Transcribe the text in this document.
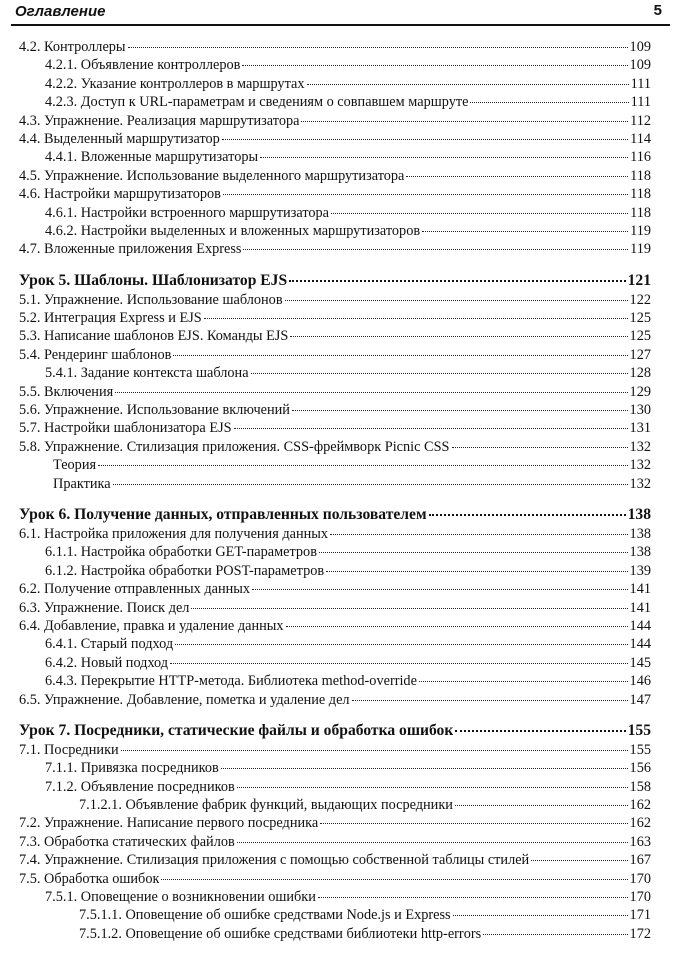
Оглавление	5
4.2. Контроллеры	109
4.2.1. Объявление контроллеров	109
4.2.2. Указание контроллеров в маршрутах	111
4.2.3. Доступ к URL-параметрам и сведениям о совпавшем маршруте	111
4.3. Упражнение. Реализация маршрутизатора	112
4.4. Выделенный маршрутизатор	114
4.4.1. Вложенные маршрутизаторы	116
4.5. Упражнение. Использование выделенного маршрутизатора	118
4.6. Настройки маршрутизаторов	118
4.6.1. Настройки встроенного маршрутизатора	118
4.6.2. Настройки выделенных и вложенных маршрутизаторов	119
4.7. Вложенные приложения Express	119
Урок 5. Шаблоны. Шаблонизатор EJS	121
5.1. Упражнение. Использование шаблонов	122
5.2. Интеграция Express и EJS	125
5.3. Написание шаблонов EJS. Команды EJS	125
5.4. Рендеринг шаблонов	127
5.4.1. Задание контекста шаблона	128
5.5. Включения	129
5.6. Упражнение. Использование включений	130
5.7. Настройки шаблонизатора EJS	131
5.8. Упражнение. Стилизация приложения. CSS-фреймворк Picnic CSS	132
Теория	132
Практика	132
Урок 6. Получение данных, отправленных пользователем	138
6.1. Настройка приложения для получения данных	138
6.1.1. Настройка обработки GET-параметров	138
6.1.2. Настройка обработки POST-параметров	139
6.2. Получение отправленных данных	141
6.3. Упражнение. Поиск дел	141
6.4. Добавление, правка и удаление данных	144
6.4.1. Старый подход	144
6.4.2. Новый подход	145
6.4.3. Перекрытие HTTP-метода. Библиотека method-override	146
6.5. Упражнение. Добавление, пометка и удаление дел	147
Урок 7. Посредники, статические файлы и обработка ошибок	155
7.1. Посредники	155
7.1.1. Привязка посредников	156
7.1.2. Объявление посредников	158
7.1.2.1. Объявление фабрик функций, выдающих посредники	162
7.2. Упражнение. Написание первого посредника	162
7.3. Обработка статических файлов	163
7.4. Упражнение. Стилизация приложения с помощью собственной таблицы стилей	167
7.5. Обработка ошибок	170
7.5.1. Оповещение о возникновении ошибки	170
7.5.1.1. Оповещение об ошибке средствами Node.js и Express	171
7.5.1.2. Оповещение об ошибке средствами библиотеки http-errors	172
